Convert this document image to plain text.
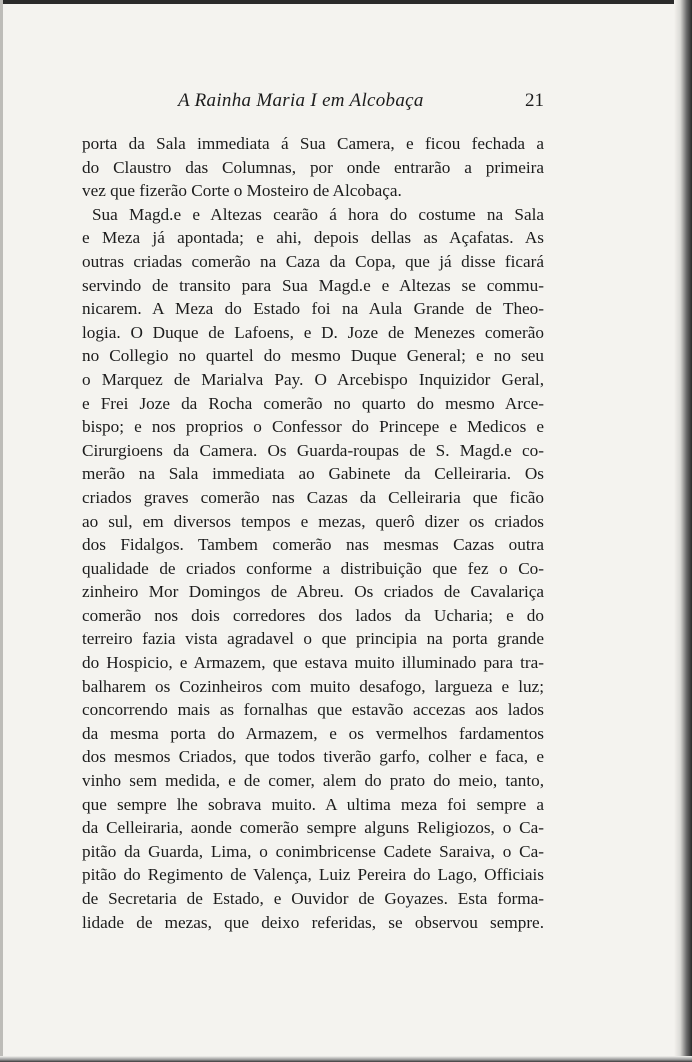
A Rainha Maria I em Alcobaça	21
porta da Sala immediata á Sua Camera, e ficou fechada a
do Claustro das Columnas, por onde entrarão a primeira
vez que fizerão Corte o Mosteiro de Alcobaça.
Sua Magd.e e Altezas cearão á hora do costume na Sala
e Meza já apontada; e ahi, depois dellas as Açafatas. As
outras criadas comerão na Caza da Copa, que já disse ficará
servindo de transito para Sua Magd.e e Altezas se commu-
nicarem. A Meza do Estado foi na Aula Grande de Theo-
logia. O Duque de Lafoens, e D. Joze de Menezes comerão
no Collegio no quartel do mesmo Duque General; e no seu
o Marquez de Marialva Pay. O Arcebispo Inquizidor Geral,
e Frei Joze da Rocha comerão no quarto do mesmo Arce-
bispo; e nos proprios o Confessor do Princepe e Medicos e
Cirurgioens da Camera. Os Guarda-roupas de S. Magd.e co-
merão na Sala immediata ao Gabinete da Celleiraria. Os
criados graves comerão nas Cazas da Celleiraria que ficão
ao sul, em diversos tempos e mezas, querô dizer os criados
dos Fidalgos. Tambem comerão nas mesmas Cazas outra
qualidade de criados conforme a distribuição que fez o Co-
zinheiro Mor Domingos de Abreu. Os criados de Cavalariça
comerão nos dois corredores dos lados da Ucharia; e do
terreiro fazia vista agradavel o que principia na porta grande
do Hospicio, e Armazem, que estava muito illuminado para tra-
balharem os Cozinheiros com muito desafogo, largueza e luz;
concorrendo mais as fornalhas que estavão accezas aos lados
da mesma porta do Armazem, e os vermelhos fardamentos
dos mesmos Criados, que todos tiverão garfo, colher e faca, e
vinho sem medida, e de comer, alem do prato do meio, tanto,
que sempre lhe sobrava muito. A ultima meza foi sempre a
da Celleiraria, aonde comerão sempre alguns Religiozos, o Ca-
pitão da Guarda, Lima, o conimbricense Cadete Saraiva, o Ca-
pitão do Regimento de Valença, Luiz Pereira do Lago, Officiais
de Secretaria de Estado, e Ouvidor de Goyazes. Esta forma-
lidade de mezas, que deixo referidas, se observou sempre.
